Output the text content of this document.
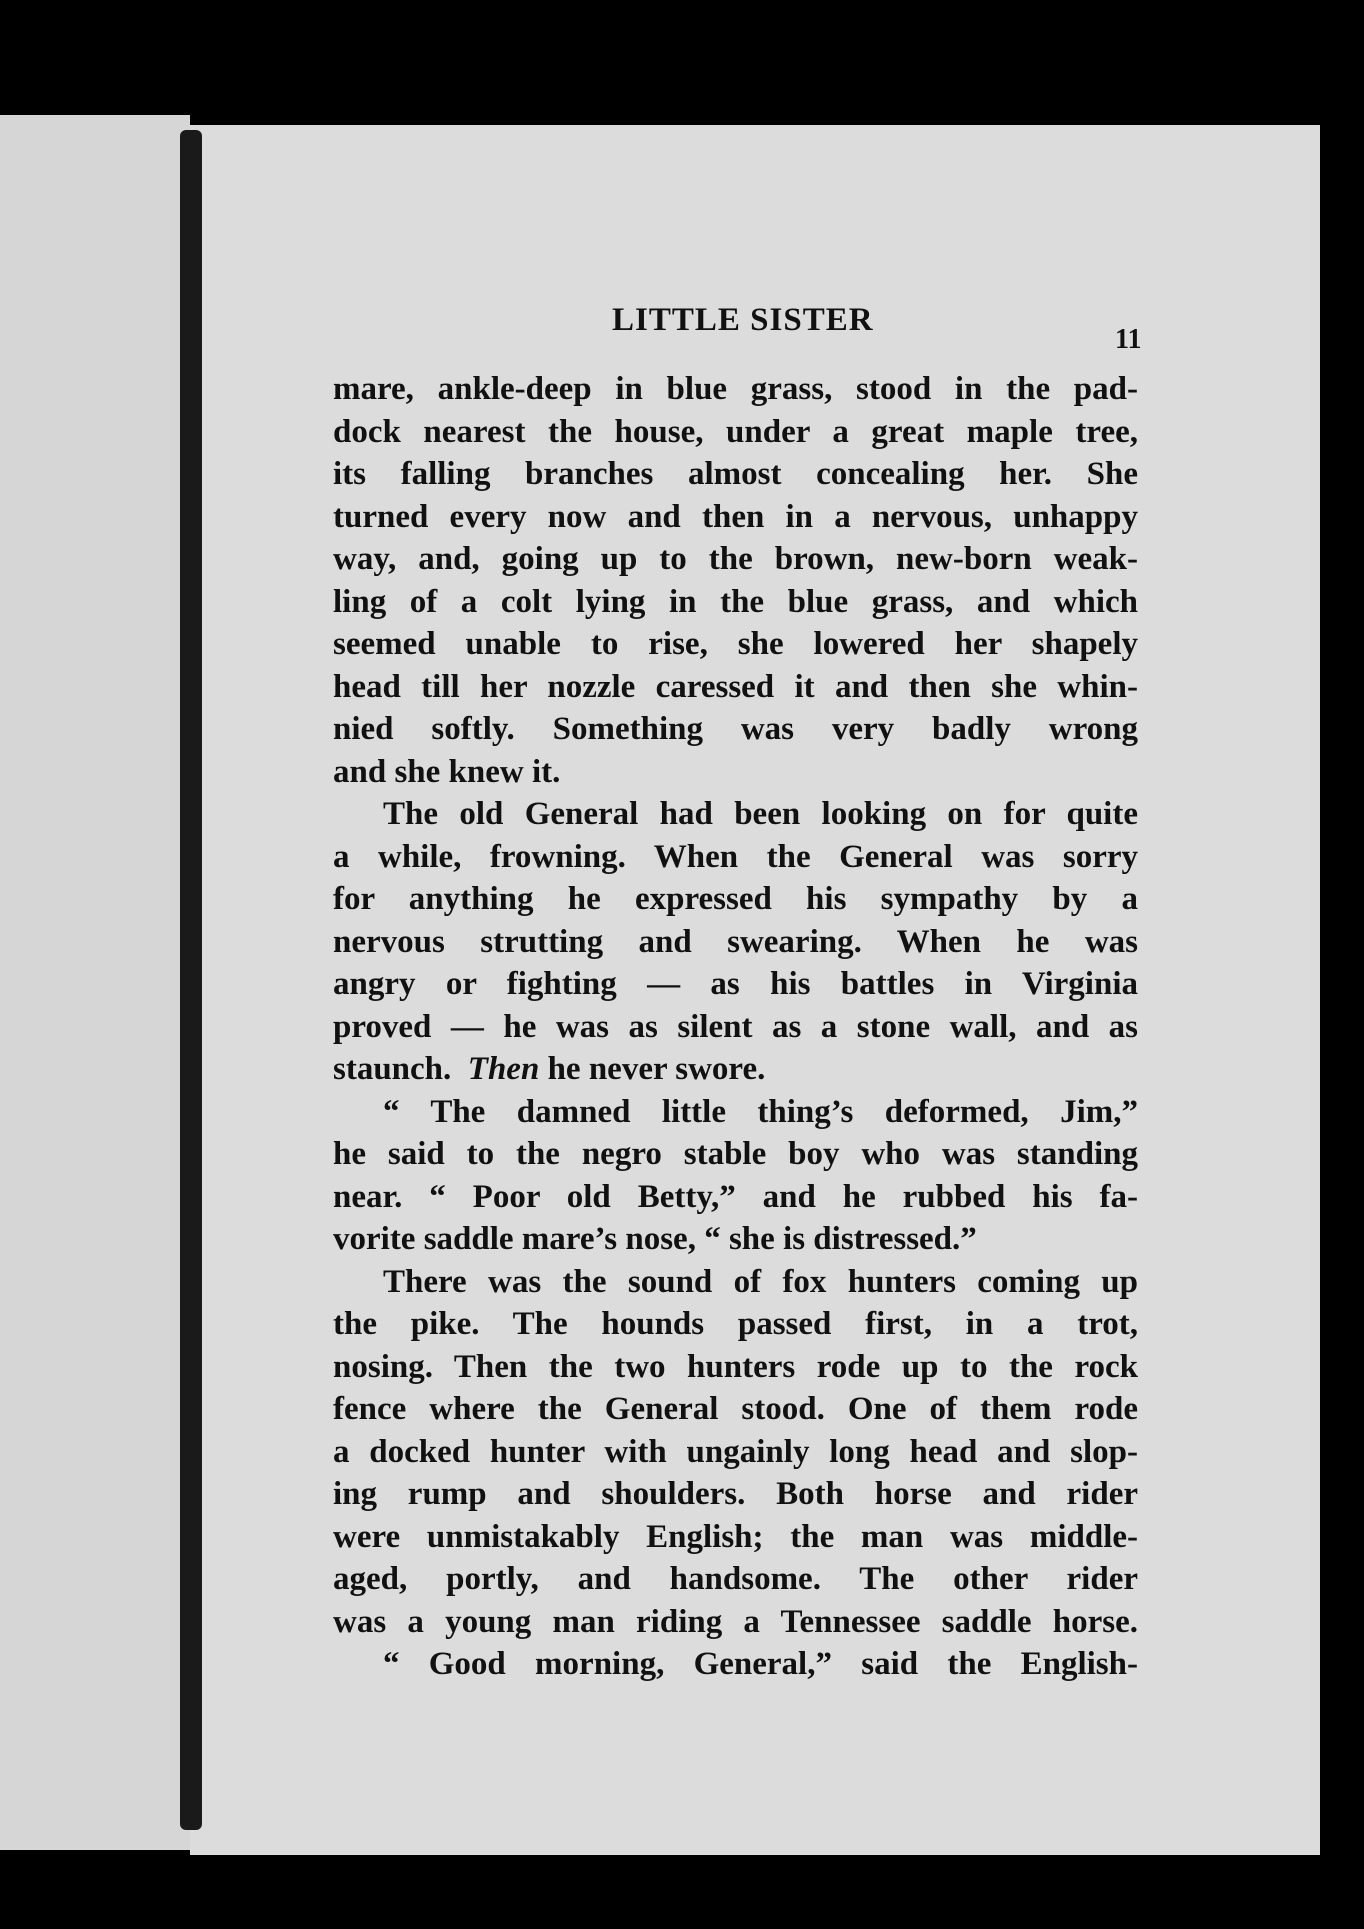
LITTLE SISTER
11
mare, ankle-deep in blue grass, stood in the pad-
dock nearest the house, under a great maple tree,
its falling branches almost concealing her. She
turned every now and then in a nervous, unhappy
way, and, going up to the brown, new-born weak-
ling of a colt lying in the blue grass, and which
seemed unable to rise, she lowered her shapely
head till her nozzle caressed it and then she whin-
nied softly. Something was very badly wrong
and she knew it.
The old General had been looking on for quite
a while, frowning. When the General was sorry
for anything he expressed his sympathy by a
nervous strutting and swearing. When he was
angry or fighting — as his battles in Virginia
proved — he was as silent as a stone wall, and as
staunch. Then he never swore.
“ The damned little thing’s deformed, Jim,”
he said to the negro stable boy who was standing
near. “ Poor old Betty,” and he rubbed his fa-
vorite saddle mare’s nose, “ she is distressed.”
There was the sound of fox hunters coming up
the pike. The hounds passed first, in a trot,
nosing. Then the two hunters rode up to the rock
fence where the General stood. One of them rode
a docked hunter with ungainly long head and slop-
ing rump and shoulders. Both horse and rider
were unmistakably English; the man was middle-
aged, portly, and handsome. The other rider
was a young man riding a Tennessee saddle horse.
“ Good morning, General,” said the English-
